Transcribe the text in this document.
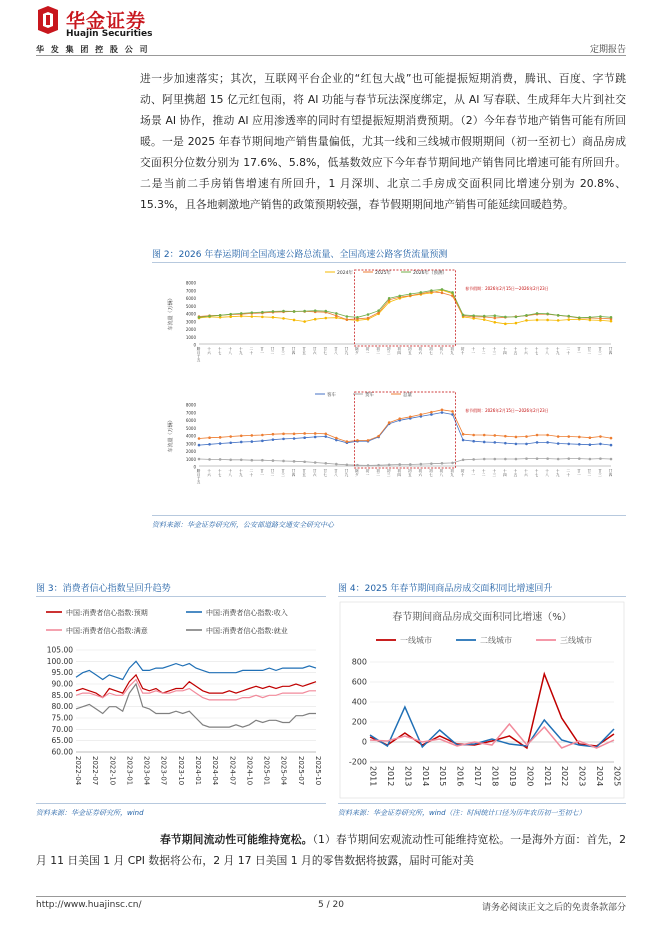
华金证券
Huajin Securities
华 发 集 团 控 股 公 司	定期报告

进一步加速落实；其次，互联网平台企业的“红包大战”也可能提振短期消费，腾讯、百度、字节跳动、阿里携超 15 亿元红包雨，将 AI 功能与春节玩法深度绑定，从 AI 写春联、生成拜年大片到社交场景 AI 协作，推动 AI 应用渗透率的同时有望提振短期消费预期。（2）今年春节地产销售可能有所回暖。一是 2025 年春节期间地产销售量偏低，尤其一线和三线城市假期期间（初一至初七）商品房成交面积分位数分别为 17.6%、5.8%，低基数效应下今年春节期间地产销售同比增速可能有所回升。二是当前二手房销售增速有所回升，1 月深圳、北京二手房成交面积同比增速分别为 20.8%、15.3%，且各地刺激地产销售的政策预期较强，春节假期期间地产销售可能延续回暖趋势。

图 2：2026 年春运期间全国高速公路总流量、全国高速公路客货流量预测
0
1000
2000
3000
4000
5000
6000
7000
8000
春节假期：2026年2月15日—2026年2月23日
2024年	2025年	2026年（预测）
车流量（万辆）
腊月十五	十六	十七	十八	十九	二十	廿一	廿二	廿三	廿四	廿五	廿六	廿七	廿八	廿九	除夕	初一	初二	初三	初四	初五	初六	初七	初八	初九	初十	十一	十二	十三	十四	十五	十六	十七	十八	十九	二十	廿一	廿二	廿三	廿四
0
1000
2000
3000
4000
5000
6000
7000
8000
春节假期：2026年2月15日—2026年2月23日
客车	货车	总量
车流量（万辆）
腊月十五	十六	十七	十八	十九	二十	廿一	廿二	廿三	廿四	廿五	廿六	廿七	廿八	廿九	除夕	初一	初二	初三	初四	初五	初六	初七	初八	初九	初十	十一	十二	十三	十四	十五	十六	十七	十八	十九	二十	廿一	廿二	廿三	廿四
资料来源：华金证券研究所，公安部道路交通安全研究中心
图 3：消费者信心指数呈回升趋势
中国:消费者信心指数:预期	中国:消费者信心指数:收入
中国:消费者信心指数:满意	中国:消费者信心指数:就业
60.00
65.00
70.00
75.00
80.00
85.00
90.00
95.00
100.00
105.00
2022-04 2022-07 2022-10 2023-01 2023-04 2023-07 2023-10 2024-01 2024-04 2024-07 2024-10 2025-01 2025-04 2025-07 2025-10
资料来源：华金证券研究所，wind
图 4：2025 年春节期间商品房成交面积同比增速回升
春节期间商品房成交面积同比增速（%）
一线城市	二线城市	三线城市
-200
0
200
400
600
800
2011 2012 2013 2014 2015 2016 2017 2018 2019 2020 2021 2022 2023 2024 2025
资料来源：华金证券研究所，wind（注：时间统计口径为历年农历初一至初七）

春节期间流动性可能维持宽松。（1）春节期间宏观流动性可能维持宽松。一是海外方面：首先，2 月 11 日美国 1 月 CPI 数据将公布，2 月 17 日美国 1 月的零售数据将披露，届时可能对美

http://www.huajinsc.cn/	5 / 20	请务必阅读正文之后的免责条款部分
